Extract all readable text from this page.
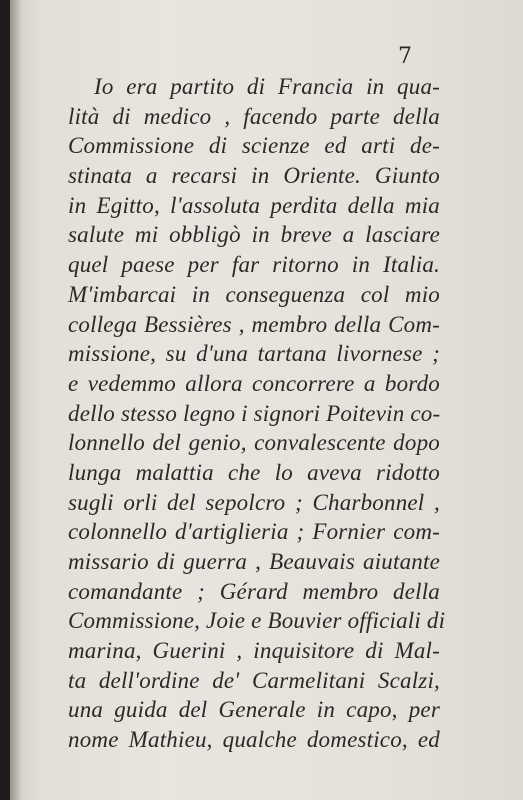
7
Io era partito di Francia in qua-
lità di medico , facendo parte della
Commissione di scienze ed arti de-
stinata a recarsi in Oriente. Giunto
in Egitto, l'assoluta perdita della mia
salute mi obbligò in breve a lasciare
quel paese per far ritorno in Italia.
M'imbarcai in conseguenza col mio
collega Bessières , membro della Com-
missione, su d'una tartana livornese ;
e vedemmo allora concorrere a bordo
dello stesso legno i signori Poitevin co-
lonnello del genio, convalescente dopo
lunga malattia che lo aveva ridotto
sugli orli del sepolcro ; Charbonnel ,
colonnello d'artiglieria ; Fornier com-
missario di guerra , Beauvais aiutante
comandante ; Gérard membro della
Commissione, Joie e Bouvier officiali di
marina, Guerini , inquisitore di Mal-
ta dell'ordine de' Carmelitani Scalzi,
una guida del Generale in capo, per
nome Mathieu, qualche domestico, ed
